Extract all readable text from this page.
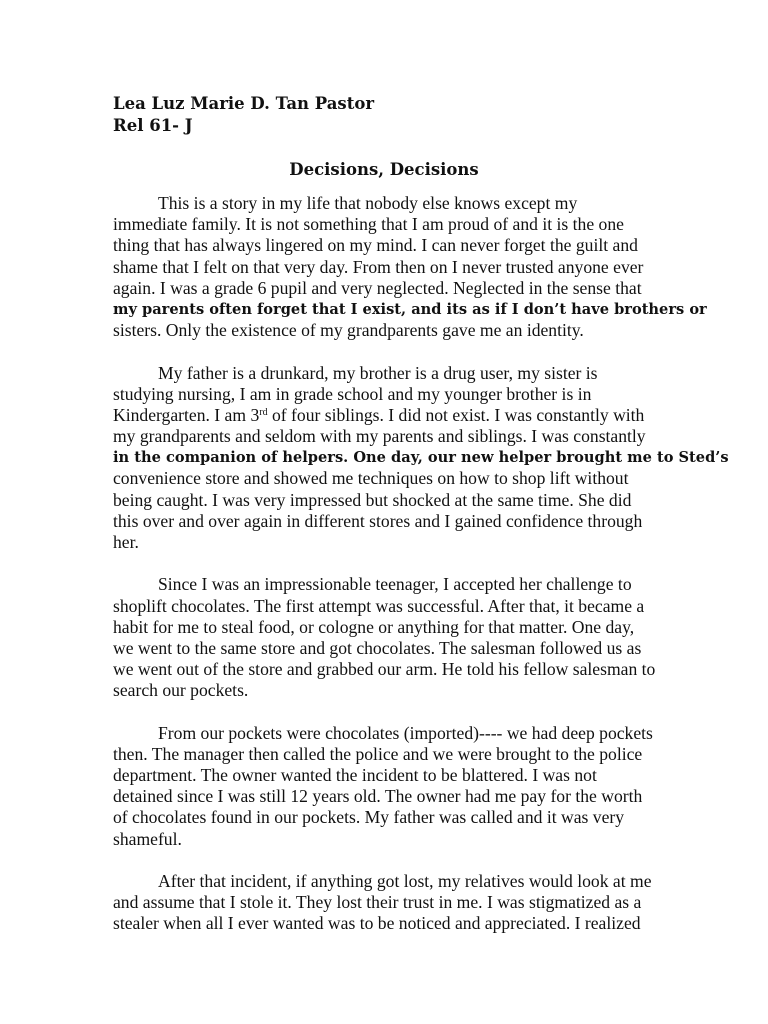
Lea Luz Marie D. Tan Pastor
Rel 61- J
Decisions, Decisions
This is a story in my life that nobody else knows except my
immediate family. It is not something that I am proud of and it is the one
thing that has always lingered on my mind. I can never forget the guilt and
shame that I felt on that very day. From then on I never trusted anyone ever
again. I was a grade 6 pupil and very neglected. Neglected in the sense that
my parents often forget that I exist, and its as if I don’t have brothers or
sisters. Only the existence of my grandparents gave me an identity.
My father is a drunkard, my brother is a drug user, my sister is
studying nursing, I am in grade school and my younger brother is in
Kindergarten. I am 3rd of four siblings. I did not exist. I was constantly with
my grandparents and seldom with my parents and siblings. I was constantly
in the companion of helpers. One day, our new helper brought me to Sted’s
convenience store and showed me techniques on how to shop lift without
being caught. I was very impressed but shocked at the same time. She did
this over and over again in different stores and I gained confidence through
her.
Since I was an impressionable teenager, I accepted her challenge to
shoplift chocolates. The first attempt was successful. After that, it became a
habit for me to steal food, or cologne or anything for that matter. One day,
we went to the same store and got chocolates. The salesman followed us as
we went out of the store and grabbed our arm. He told his fellow salesman to
search our pockets.
From our pockets were chocolates (imported)---- we had deep pockets
then. The manager then called the police and we were brought to the police
department. The owner wanted the incident to be blattered. I was not
detained since I was still 12 years old. The owner had me pay for the worth
of chocolates found in our pockets. My father was called and it was very
shameful.
After that incident, if anything got lost, my relatives would look at me
and assume that I stole it. They lost their trust in me. I was stigmatized as a
stealer when all I ever wanted was to be noticed and appreciated. I realized
